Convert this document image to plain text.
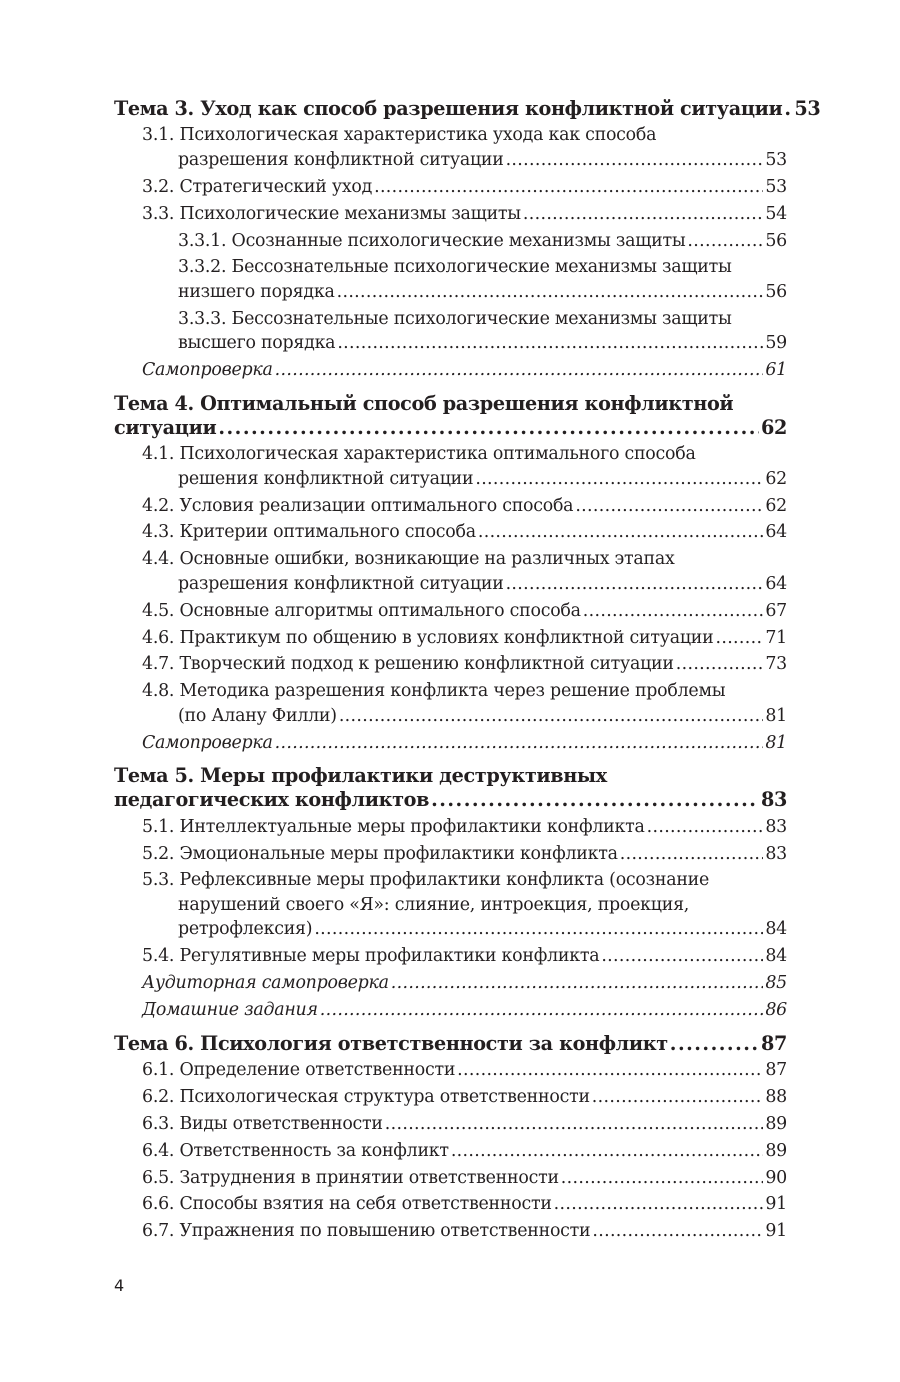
Тема 3. Уход как способ разрешения конфликтной ситуации . . . 53
3.1. Психологическая характеристика ухода как способа
разрешения конфликтной ситуации . . .	53
3.2. Стратегический уход . . .	53
3.3. Психологические механизмы защиты . . .	54
3.3.1. Осознанные психологические механизмы защиты . . .	56
3.3.2. Бессознательные психологические механизмы защиты
низшего порядка . . .	56
3.3.3. Бессознательные психологические механизмы защиты
высшего порядка . . .	59
Самопроверка . . .	61
Тема 4. Оптимальный способ разрешения конфликтной
ситуации . . .	62
4.1. Психологическая характеристика оптимального способа
решения конфликтной ситуации . . .	62
4.2. Условия реализации оптимального способа . . .	62
4.3. Критерии оптимального способа . . .	64
4.4. Основные ошибки, возникающие на различных этапах
разрешения конфликтной ситуации . . .	64
4.5. Основные алгоритмы оптимального способа . . .	67
4.6. Практикум по общению в условиях конфликтной ситуации . . .	71
4.7. Творческий подход к решению конфликтной ситуации . . .	73
4.8. Методика разрешения конфликта через решение проблемы
(по Алану Филли) . . .	81
Самопроверка . . .	81
Тема 5. Меры профилактики деструктивных
педагогических конфликтов . . .	83
5.1. Интеллектуальные меры профилактики конфликта . . .	83
5.2. Эмоциональные меры профилактики конфликта . . .	83
5.3. Рефлексивные меры профилактики конфликта (осознание
нарушений своего «Я»: слияние, интроекция, проекция,
ретрофлексия) . . .	84
5.4. Регулятивные меры профилактики конфликта . . .	84
Аудиторная самопроверка . . .	85
Домашние задания . . .	86
Тема 6. Психология ответственности за конфликт . . .	87
6.1. Определение ответственности . . .	87
6.2. Психологическая структура ответственности . . .	88
6.3. Виды ответственности . . .	89
6.4. Ответственность за конфликт . . .	89
6.5. Затруднения в принятии ответственности . . .	90
6.6. Способы взятия на себя ответственности . . .	91
6.7. Упражнения по повышению ответственности . . .	91
4
